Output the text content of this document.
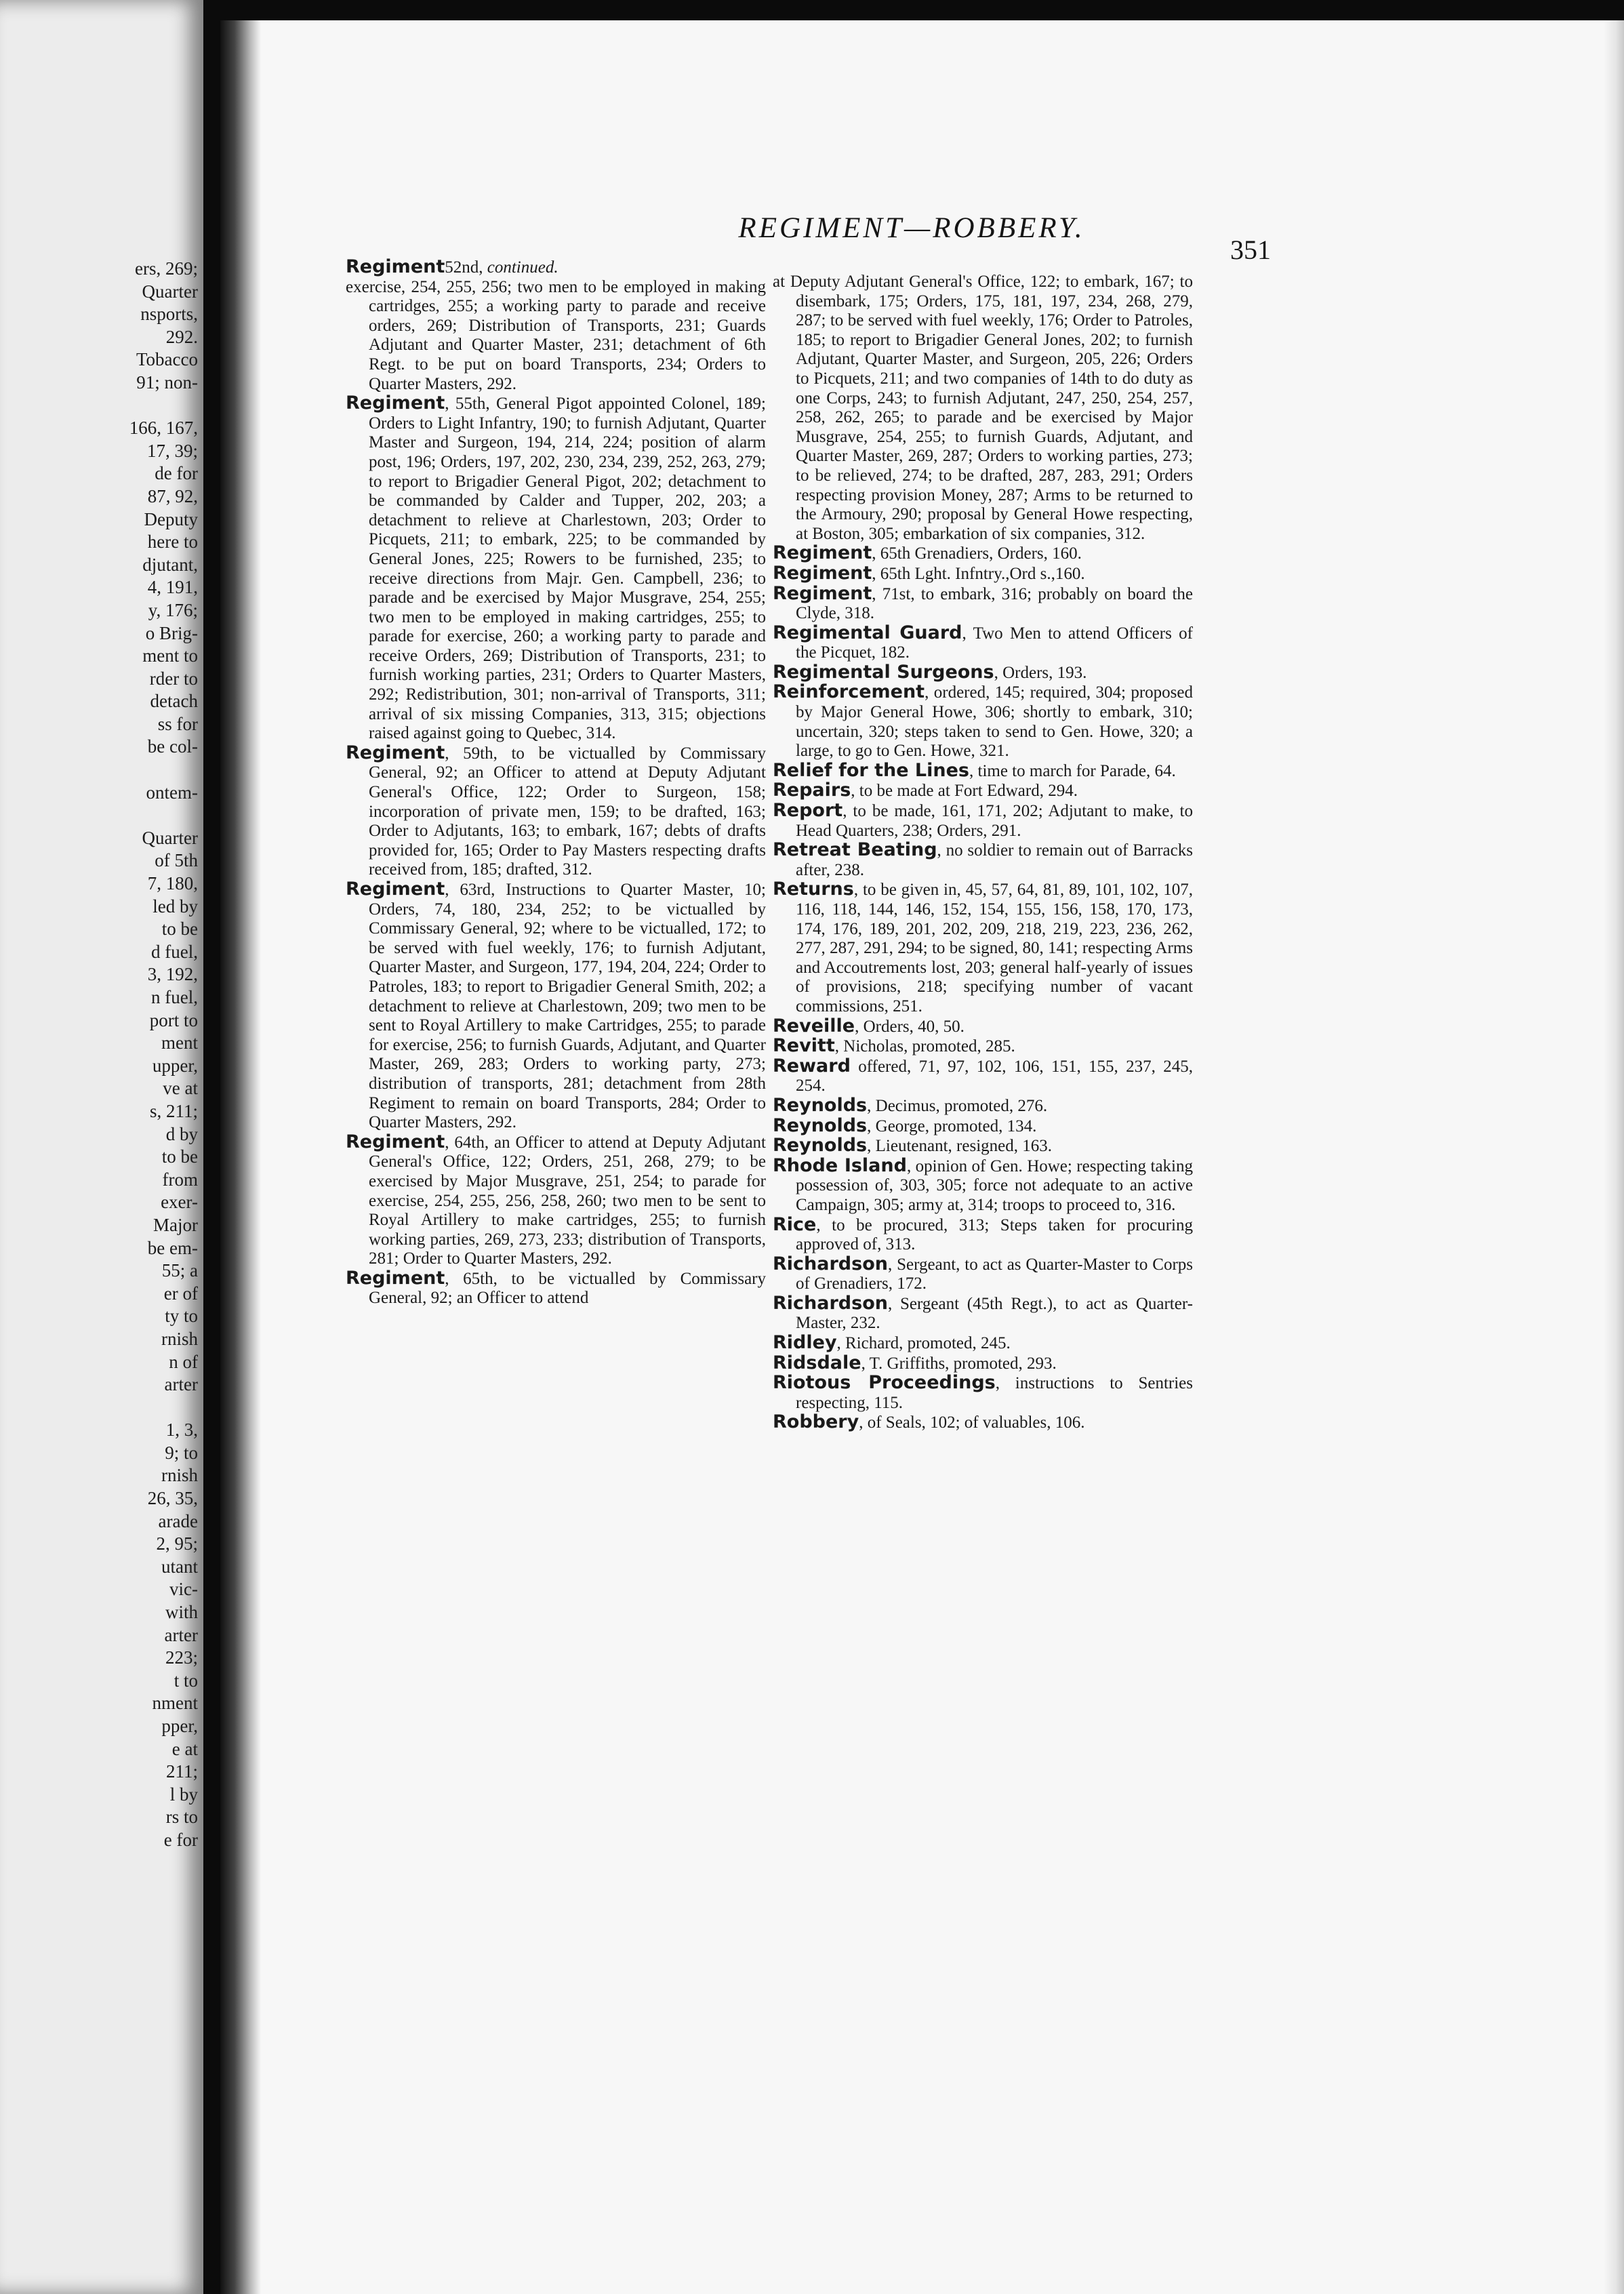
ers, 269;
Quarter
nsports,
292.
Tobacco
91; non-

166, 167,
17, 39;
de for
87, 92,
Deputy
here to
djutant,
4, 191,
y, 176;
o Brig-
ment to
rder to
detach
ss for
be col-

ontem-

Quarter
of 5th
7, 180,
led by
to be
d fuel,
3, 192,
n fuel,
port to
ment
upper,
ve at
s, 211;
d by
to be
from
exer-
Major
be em-
55; a
er of
ty to
rnish
n of
arter

1, 3,
9; to
rnish
26, 35,
arade
2, 95;
utant
vic-
with
arter
223;
t to
nment
pper,
e at
211;
l by
rs to
e for
REGIMENT—ROBBERY.
351

Regiment52nd, continued.

exercise, 254, 255, 256; two men to be employed in making cartridges, 255; a working party to parade and receive orders, 269; Distribution of Transports, 231; Guards Adjutant and Quarter Master, 231; detachment of 6th Regt. to be put on board Transports, 234; Orders to Quarter Masters, 292.

Regiment, 55th, General Pigot appointed Colonel, 189; Orders to Light Infantry, 190; to furnish Adjutant, Quarter Master and Surgeon, 194, 214, 224; position of alarm post, 196; Orders, 197, 202, 230, 234, 239, 252, 263, 279; to report to Brigadier General Pigot, 202; detachment to be commanded by Calder and Tupper, 202, 203; a detachment to relieve at Charlestown, 203; Order to Picquets, 211; to embark, 225; to be commanded by General Jones, 225; Rowers to be furnished, 235; to receive directions from Majr. Gen. Campbell, 236; to parade and be exercised by Major Musgrave, 254, 255; two men to be employed in making cartridges, 255; to parade for exercise, 260; a working party to parade and receive Orders, 269; Distribution of Transports, 231; to furnish working parties, 231; Orders to Quarter Masters, 292; Redistribution, 301; non-arrival of Transports, 311; arrival of six missing Companies, 313, 315; objections raised against going to Quebec, 314.

Regiment, 59th, to be victualled by Commissary General, 92; an Officer to attend at Deputy Adjutant General's Office, 122; Order to Surgeon, 158; incorporation of private men, 159; to be drafted, 163; Order to Adjutants, 163; to embark, 167; debts of drafts provided for, 165; Order to Pay Masters respecting drafts received from, 185; drafted, 312.

Regiment, 63rd, Instructions to Quarter Master, 10; Orders, 74, 180, 234, 252; to be victualled by Commissary General, 92; where to be victualled, 172; to be served with fuel weekly, 176; to furnish Adjutant, Quarter Master, and Surgeon, 177, 194, 204, 224; Order to Patroles, 183; to report to Brigadier General Smith, 202; a detachment to relieve at Charlestown, 209; two men to be sent to Royal Artillery to make Cartridges, 255; to parade for exercise, 256; to furnish Guards, Adjutant, and Quarter Master, 269, 283; Orders to working party, 273; distribution of transports, 281; detachment from 28th Regiment to remain on board Transports, 284; Order to Quarter Masters, 292.

Regiment, 64th, an Officer to attend at Deputy Adjutant General's Office, 122; Orders, 251, 268, 279; to be exercised by Major Musgrave, 251, 254; to parade for exercise, 254, 255, 256, 258, 260; two men to be sent to Royal Artillery to make cartridges, 255; to furnish working parties, 269, 273, 233; distribution of Transports, 281; Order to Quarter Masters, 292.

Regiment, 65th, to be victualled by Commissary General, 92; an Officer to attend

at Deputy Adjutant General's Office, 122; to embark, 167; to disembark, 175; Orders, 175, 181, 197, 234, 268, 279, 287; to be served with fuel weekly, 176; Order to Patroles, 185; to report to Brigadier General Jones, 202; to furnish Adjutant, Quarter Master, and Surgeon, 205, 226; Orders to Picquets, 211; and two companies of 14th to do duty as one Corps, 243; to furnish Adjutant, 247, 250, 254, 257, 258, 262, 265; to parade and be exercised by Major Musgrave, 254, 255; to furnish Guards, Adjutant, and Quarter Master, 269, 287; Orders to working parties, 273; to be relieved, 274; to be drafted, 287, 283, 291; Orders respecting provision Money, 287; Arms to be returned to the Armoury, 290; proposal by General Howe respecting, at Boston, 305; embarkation of six companies, 312.

Regiment, 65th Grenadiers, Orders, 160.

Regiment, 65th Lght. Infntry.,Ord s.,160.

Regiment, 71st, to embark, 316; probably on board the Clyde, 318.

Regimental Guard, Two Men to attend Officers of the Picquet, 182.

Regimental Surgeons, Orders, 193.

Reinforcement, ordered, 145; required, 304; proposed by Major General Howe, 306; shortly to embark, 310; uncertain, 320; steps taken to send to Gen. Howe, 320; a large, to go to Gen. Howe, 321.

Relief for the Lines, time to march for Parade, 64.

Repairs, to be made at Fort Edward, 294.

Report, to be made, 161, 171, 202; Adjutant to make, to Head Quarters, 238; Orders, 291.

Retreat Beating, no soldier to remain out of Barracks after, 238.

Returns, to be given in, 45, 57, 64, 81, 89, 101, 102, 107, 116, 118, 144, 146, 152, 154, 155, 156, 158, 170, 173, 174, 176, 189, 201, 202, 209, 218, 219, 223, 236, 262, 277, 287, 291, 294; to be signed, 80, 141; respecting Arms and Accoutrements lost, 203; general half-yearly of issues of provisions, 218; specifying number of vacant commissions, 251.

Reveille, Orders, 40, 50.

Revitt, Nicholas, promoted, 285.

Reward offered, 71, 97, 102, 106, 151, 155, 237, 245, 254.

Reynolds, Decimus, promoted, 276.

Reynolds, George, promoted, 134.

Reynolds, Lieutenant, resigned, 163.

Rhode Island, opinion of Gen. Howe; respecting taking possession of, 303, 305; force not adequate to an active Campaign, 305; army at, 314; troops to proceed to, 316.

Rice, to be procured, 313; Steps taken for procuring approved of, 313.

Richardson, Sergeant, to act as Quarter-Master to Corps of Grenadiers, 172.

Richardson, Sergeant (45th Regt.), to act as Quarter-Master, 232.

Ridley, Richard, promoted, 245.

Ridsdale, T. Griffiths, promoted, 293.

Riotous Proceedings, instructions to Sentries respecting, 115.

Robbery, of Seals, 102; of valuables, 106.
